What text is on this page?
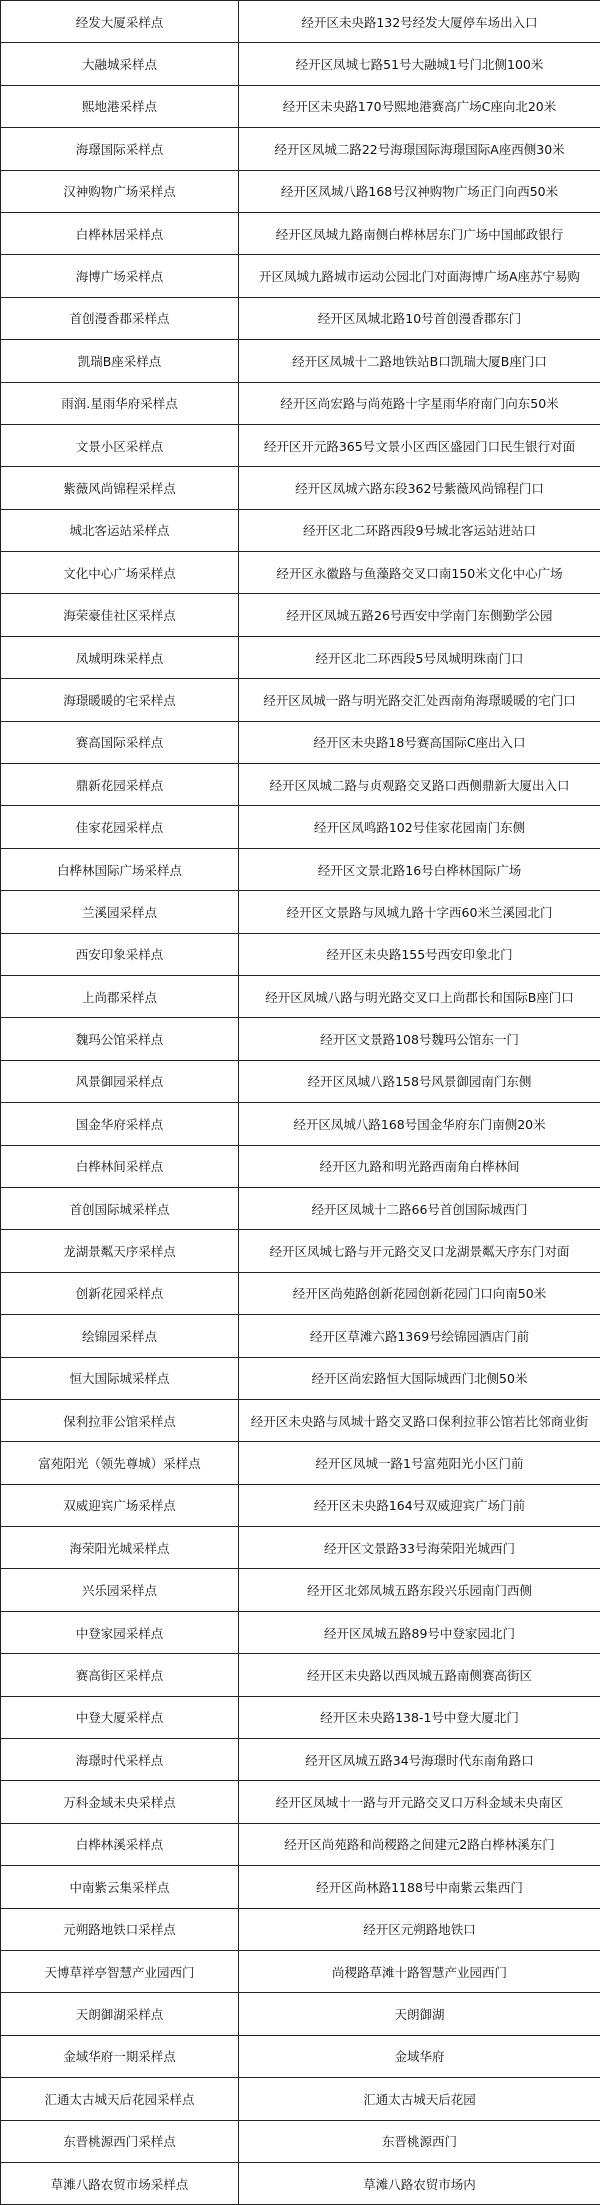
经发大厦采样点	经开区未央路132号经发大厦停车场出入口
大融城采样点	经开区凤城七路51号大融城1号门北侧100米
熙地港采样点	经开区未央路170号熙地港赛高广场C座向北20米
海璟国际采样点	经开区凤城二路22号海璟国际海璟国际A座西侧30米
汉神购物广场采样点	经开区凤城八路168号汉神购物广场正门向西50米
白桦林居采样点	经开区凤城九路南侧白桦林居东门广场中国邮政银行
海博广场采样点	开区凤城九路城市运动公园北门对面海博广场A座苏宁易购
首创漫香郡采样点	经开区凤城北路10号首创漫香郡东门
凯瑞B座采样点	经开区凤城十二路地铁站B口凯瑞大厦B座门口
雨润.星雨华府采样点	经开区尚宏路与尚苑路十字星雨华府南门向东50米
文景小区采样点	经开区开元路365号文景小区西区盛园门口民生银行对面
紫薇风尚锦程采样点	经开区凤城六路东段362号紫薇风尚锦程门口
城北客运站采样点	经开区北二环路西段9号城北客运站进站口
文化中心广场采样点	经开区永徽路与鱼藻路交叉口南150米文化中心广场
海荣豪佳社区采样点	经开区凤城五路26号西安中学南门东侧勤学公园
凤城明珠采样点	经开区北二环西段5号凤城明珠南门口
海璟暖暖的宅采样点	经开区凤城一路与明光路交汇处西南角海璟暖暖的宅门口
赛高国际采样点	经开区未央路18号赛高国际C座出入口
鼎新花园采样点	经开区凤城二路与贞观路交叉路口西侧鼎新大厦出入口
佳家花园采样点	经开区凤鸣路102号佳家花园南门东侧
白桦林国际广场采样点	经开区文景北路16号白桦林国际广场
兰溪园采样点	经开区文景路与凤城九路十字西60米兰溪园北门
西安印象采样点	经开区未央路155号西安印象北门
上尚郡采样点	经开区凤城八路与明光路交叉口上尚郡长和国际B座门口
魏玛公馆采样点	经开区文景路108号魏玛公馆东一门
风景御园采样点	经开区凤城八路158号风景御园南门东侧
国金华府采样点	经开区凤城八路168号国金华府东门南侧20米
白桦林间采样点	经开区九路和明光路西南角白桦林间
首创国际城采样点	经开区凤城十二路66号首创国际城西门
龙湖景粼天序采样点	经开区凤城七路与开元路交叉口龙湖景粼天序东门对面
创新花园采样点	经开区尚苑路创新花园创新花园门口向南50米
绘锦园采样点	经开区草滩六路1369号绘锦园酒店门前
恒大国际城采样点	经开区尚宏路恒大国际城西门北侧50米
保利拉菲公馆采样点	经开区未央路与凤城十路交叉路口保利拉菲公馆若比邻商业街
富苑阳光（领先尊城）采样点	经开区凤城一路1号富苑阳光小区门前
双威迎宾广场采样点	经开区未央路164号双威迎宾广场门前
海荣阳光城采样点	经开区文景路33号海荣阳光城西门
兴乐园采样点	经开区北郊凤城五路东段兴乐园南门西侧
中登家园采样点	经开区凤城五路89号中登家园北门
赛高街区采样点	经开区未央路以西凤城五路南侧赛高街区
中登大厦采样点	经开区未央路138-1号中登大厦北门
海璟时代采样点	经开区凤城五路34号海璟时代东南角路口
万科金域未央采样点	经开区凤城十一路与开元路交叉口万科金域未央南区
白桦林溪采样点	经开区尚苑路和尚稷路之间建元2路白桦林溪东门
中南紫云集采样点	经开区尚林路1188号中南紫云集西门
元朔路地铁口采样点	经开区元朔路地铁口
天博草祥亭智慧产业园西门	尚稷路草滩十路智慧产业园西门
天朗御湖采样点	天朗御湖
金域华府一期采样点	金域华府
汇通太古城天后花园采样点	汇通太古城天后花园
东晋桃源西门采样点	东晋桃源西门
草滩八路农贸市场采样点	草滩八路农贸市场内
